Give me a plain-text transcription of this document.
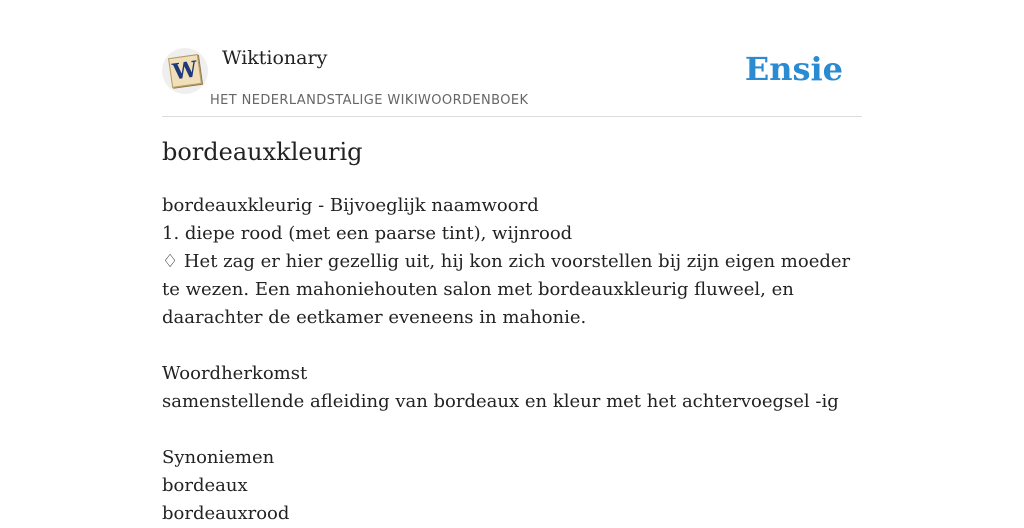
W Wiktionary
HET NEDERLANDSTALIGE WIKIWOORDENBOEK
Ensie
bordeauxkleurig
bordeauxkleurig - Bijvoeglijk naamwoord
1. diepe rood (met een paarse tint), wijnrood
♢ Het zag er hier gezellig uit, hij kon zich voorstellen bij zijn eigen moeder te wezen. Een mahoniehouten salon met bordeauxkleurig fluweel, en daarachter de eetkamer eveneens in mahonie.
Woordherkomst
samenstellende afleiding van bordeaux en kleur met het achtervoegsel -ig
Synoniemen
bordeaux
bordeauxrood
